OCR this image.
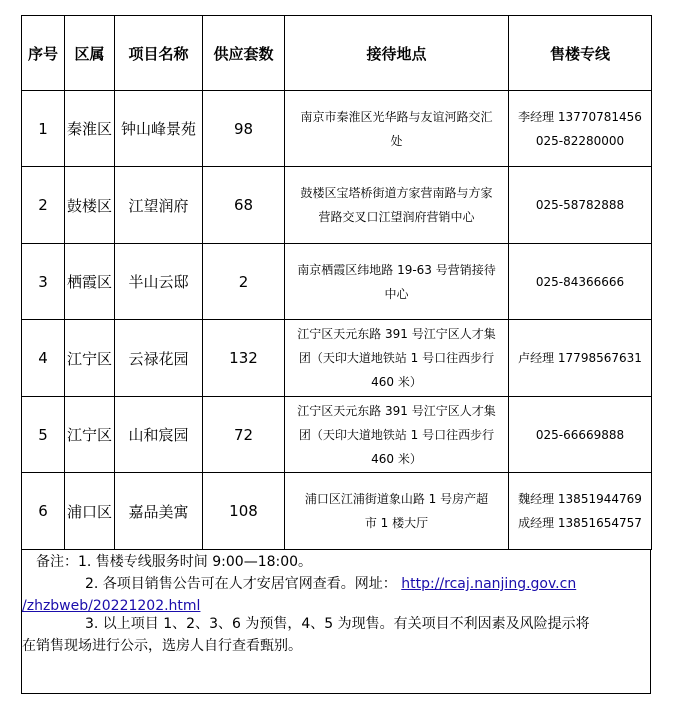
序号	区属	项目名称	供应套数	接待地点	售楼专线
1	秦淮区	钟山峰景苑	98	南京市秦淮区光华路与友谊河路交汇
处	李经理 13770781456
025-82280000

2	鼓楼区	江望润府	68	鼓楼区宝塔桥街道方家营南路与方家
营路交叉口江望润府营销中心	025-58782888

3	栖霞区	半山云邸	2	南京栖霞区纬地路 19-63 号营销接待
中心	025-84366666

4	江宁区	云禄花园	132	江宁区天元东路 391 号江宁区人才集
团（天印大道地铁站 1 号口往西步行
460 米）	卢经理 17798567631

5	江宁区	山和宸园	72	江宁区天元东路 391 号江宁区人才集
团（天印大道地铁站 1 号口往西步行
460 米）	025-66669888

6	浦口区	嘉品美寓	108	浦口区江浦街道象山路 1 号房产超
市 1 楼大厅	魏经理 13851944769
成经理 13851654757
备注：1. 售楼专线服务时间 9:00—18:00。
2. 各项目销售公告可在人才安居官网查看。网址： http://rcaj.nanjing.gov.cn
/zhzbweb/20221202.html
3. 以上项目 1、2、3、6 为预售，4、5 为现售。有关项目不利因素及风险提示将
在销售现场进行公示，选房人自行查看甄别。
